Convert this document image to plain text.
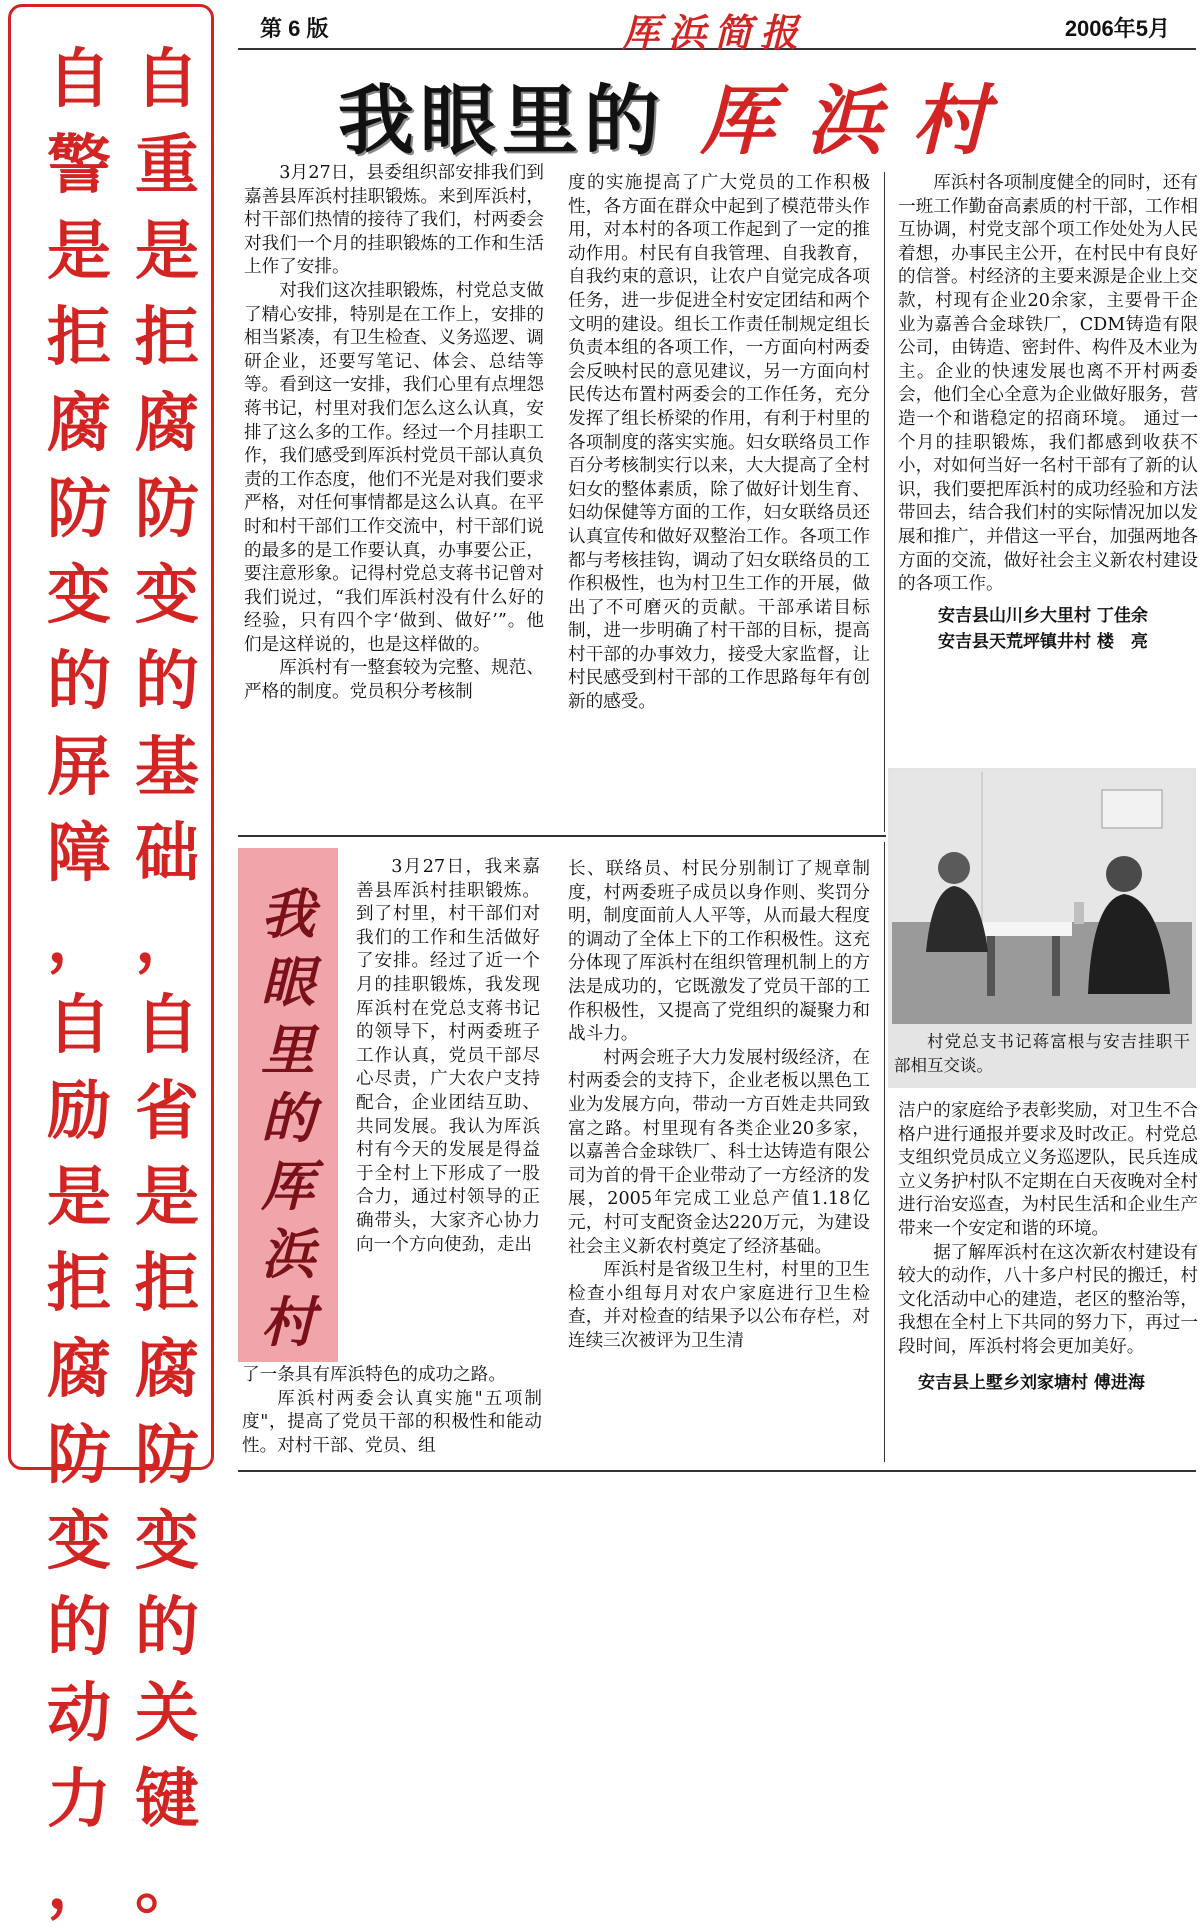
自
重
是
拒
腐
防
变
的
基
础
，
自
省
是
拒
腐
防
变
的
关
键
。
自
警
是
拒
腐
防
变
的
屏
障
，
自
励
是
拒
腐
防
变
的
动
力
，
第 6 版	厍浜简报	2006年5月
我眼里的 厍浜村

3月27日，县委组织部安排我们到嘉善县厍浜村挂职锻炼。来到厍浜村，村干部们热情的接待了我们，村两委会对我们一个月的挂职锻炼的工作和生活上作了安排。

对我们这次挂职锻炼，村党总支做了精心安排，特别是在工作上，安排的相当紧凑，有卫生检查、义务巡逻、调研企业，还要写笔记、体会、总结等等。看到这一安排，我们心里有点埋怨蒋书记，村里对我们怎么这么认真，安排了这么多的工作。经过一个月挂职工作，我们感受到厍浜村党员干部认真负责的工作态度，他们不光是对我们要求严格，对任何事情都是这么认真。在平时和村干部们工作交流中，村干部们说的最多的是工作要认真，办事要公正，要注意形象。记得村党总支蒋书记曾对我们说过，“我们厍浜村没有什么好的经验，只有四个字‘做到、做好’”。他们是这样说的，也是这样做的。

厍浜村有一整套较为完整、规范、严格的制度。党员积分考核制

度的实施提高了广大党员的工作积极性，各方面在群众中起到了模范带头作用，对本村的各项工作起到了一定的推动作用。村民有自我管理、自我教育，自我约束的意识，让农户自觉完成各项任务，进一步促进全村安定团结和两个文明的建设。组长工作责任制规定组长负责本组的各项工作，一方面向村两委会反映村民的意见建议，另一方面向村民传达布置村两委会的工作任务，充分发挥了组长桥梁的作用，有利于村里的各项制度的落实实施。妇女联络员工作百分考核制实行以来，大大提高了全村妇女的整体素质，除了做好计划生育、妇幼保健等方面的工作，妇女联络员还认真宣传和做好双整治工作。各项工作都与考核挂钩，调动了妇女联络员的工作积极性，也为村卫生工作的开展，做出了不可磨灭的贡献。干部承诺目标制，进一步明确了村干部的目标，提高村干部的办事效力，接受大家监督，让村民感受到村干部的工作思路每年有创新的感受。

厍浜村各项制度健全的同时，还有一班工作勤奋高素质的村干部，工作相互协调，村党支部个项工作处处为人民着想，办事民主公开，在村民中有良好的信誉。村经济的主要来源是企业上交款，村现有企业20余家，主要骨干企业为嘉善合金球铁厂，CDM铸造有限公司，由铸造、密封件、构件及木业为主。企业的快速发展也离不开村两委会，他们全心全意为企业做好服务，营造一个和谐稳定的招商环境。 通过一个月的挂职锻炼，我们都感到收获不小，对如何当好一名村干部有了新的认识，我们要把厍浜村的成功经验和方法带回去，结合我们村的实际情况加以发展和推广，并借这一平台，加强两地各方面的交流，做好社会主义新农村建设的各项工作。

安吉县山川乡大里村 丁佳余
安吉县天荒坪镇井村 楼　亮
村党总支书记蒋富根与安吉挂职干部相互交谈。
我
眼
里
的
厍
浜
村

3月27日，我来嘉善县厍浜村挂职锻炼。到了村里，村干部们对我们的工作和生活做好了安排。经过了近一个月的挂职锻炼，我发现厍浜村在党总支蒋书记的领导下，村两委班子工作认真，党员干部尽心尽责，广大农户支持配合，企业团结互助、共同发展。我认为厍浜村有今天的发展是得益于全村上下形成了一股合力，通过村领导的正确带头，大家齐心协力向一个方向使劲，走出

了一条具有厍浜特色的成功之路。

厍浜村两委会认真实施"五项制度"，提高了党员干部的积极性和能动性。对村干部、党员、组

长、联络员、村民分别制订了规章制度，村两委班子成员以身作则、奖罚分明，制度面前人人平等，从而最大程度的调动了全体上下的工作积极性。这充分体现了厍浜村在组织管理机制上的方法是成功的，它既激发了党员干部的工作积极性，又提高了党组织的凝聚力和战斗力。

村两会班子大力发展村级经济，在村两委会的支持下，企业老板以黑色工业为发展方向，带动一方百姓走共同致富之路。村里现有各类企业20多家，以嘉善合金球铁厂、科士达铸造有限公司为首的骨干企业带动了一方经济的发展，2005年完成工业总产值1.18亿元，村可支配资金达220万元，为建设社会主义新农村奠定了经济基础。

厍浜村是省级卫生村，村里的卫生检查小组每月对农户家庭进行卫生检查，并对检查的结果予以公布存栏，对连续三次被评为卫生清

洁户的家庭给予表彰奖励，对卫生不合格户进行通报并要求及时改正。村党总支组织党员成立义务巡逻队，民兵连成立义务护村队不定期在白天夜晚对全村进行治安巡查，为村民生活和企业生产带来一个安定和谐的环境。

据了解厍浜村在这次新农村建设有较大的动作，八十多户村民的搬迁，村文化活动中心的建造，老区的整治等，我想在全村上下共同的努力下，再过一段时间，厍浜村将会更加美好。

安吉县上墅乡刘家塘村 傅进海
